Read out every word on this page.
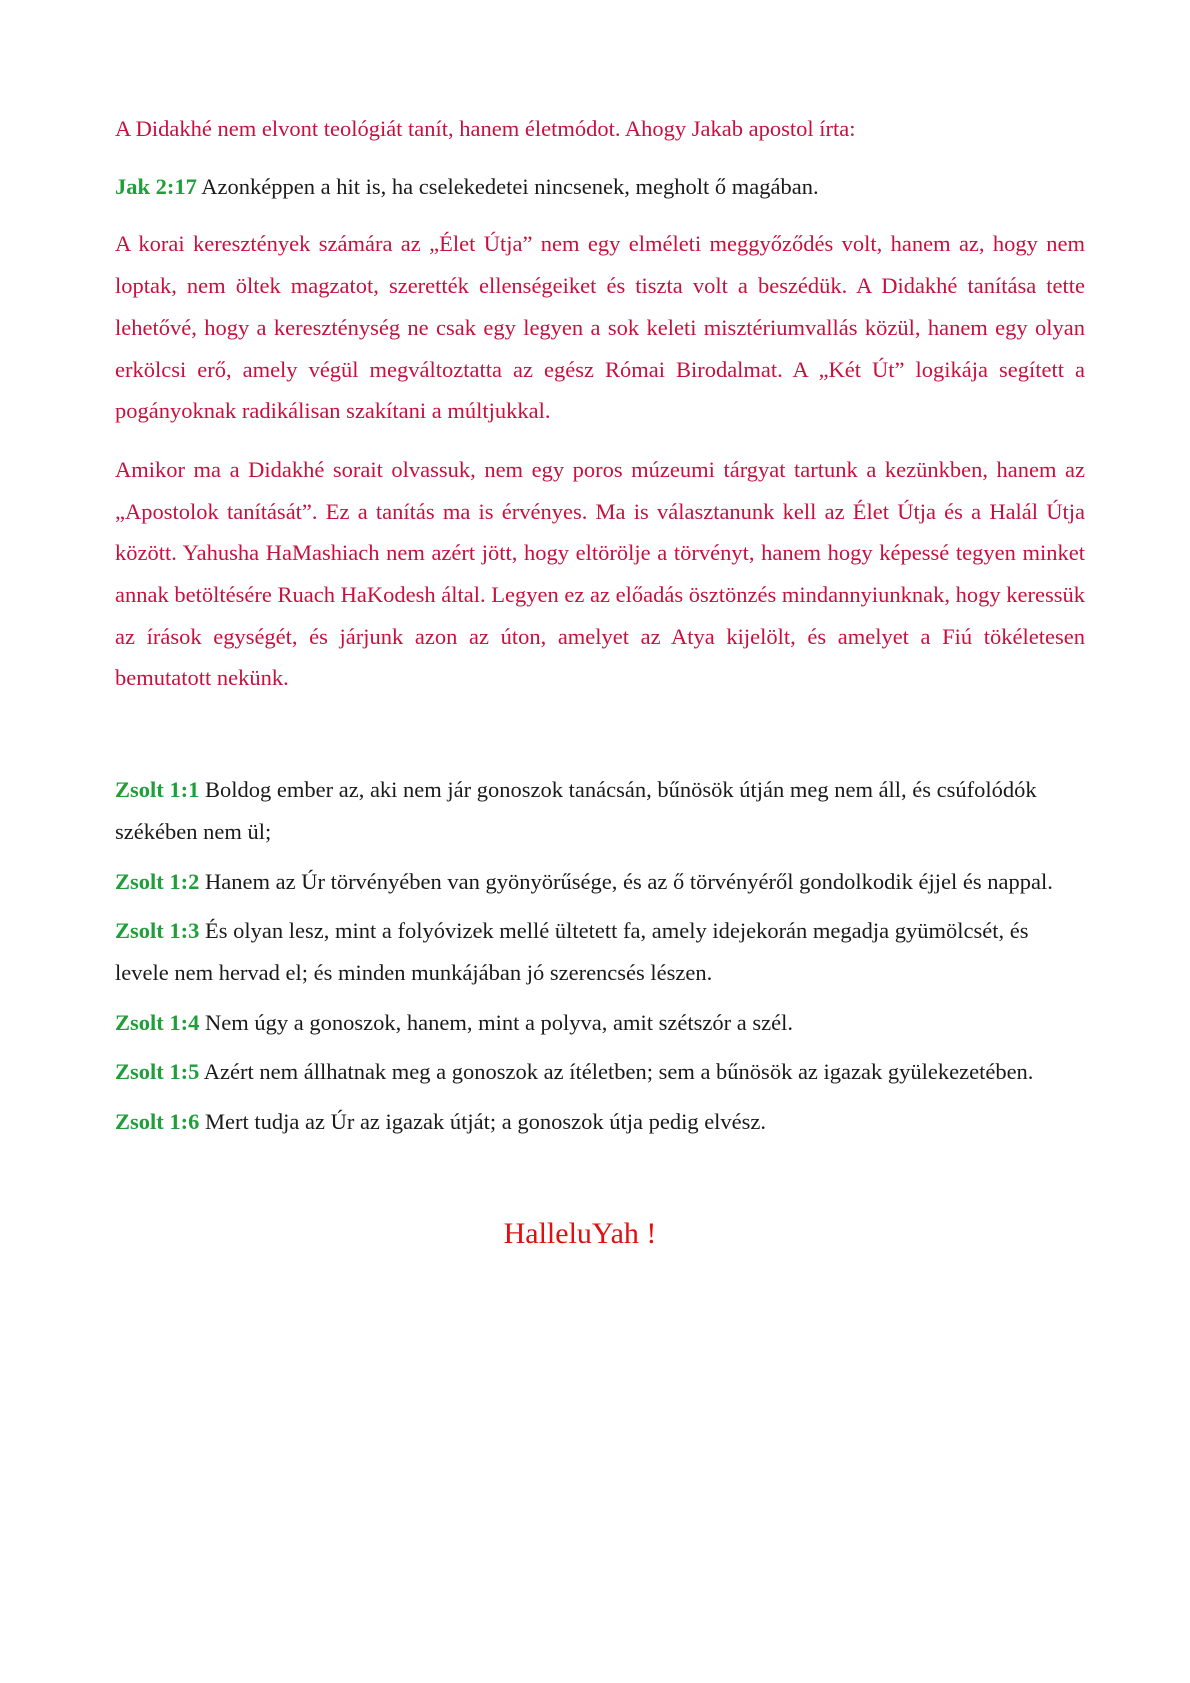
A Didakhé nem elvont teológiát tanít, hanem életmódot. Ahogy Jakab apostol írta:

Jak 2:17 Azonképpen a hit is, ha cselekedetei nincsenek, megholt ő magában.

A korai keresztények számára az „Élet Útja” nem egy elméleti meggyőződés volt, hanem az, hogy nem loptak, nem öltek magzatot, szerették ellenségeiket és tiszta volt a beszédük. A Didakhé tanítása tette lehetővé, hogy a kereszténység ne csak egy legyen a sok keleti misztériumvallás közül, hanem egy olyan erkölcsi erő, amely végül megváltoztatta az egész Római Birodalmat. A „Két Út” logikája segített a pogányoknak radikálisan szakítani a múltjukkal.

Amikor ma a Didakhé sorait olvassuk, nem egy poros múzeumi tárgyat tartunk a kezünkben, hanem az „Apostolok tanítását”. Ez a tanítás ma is érvényes. Ma is választanunk kell az Élet Útja és a Halál Útja között. Yahusha HaMashiach nem azért jött, hogy eltörölje a törvényt, hanem hogy képessé tegyen minket annak betöltésére Ruach HaKodesh által. Legyen ez az előadás ösztönzés mindannyiunknak, hogy keressük az írások egységét, és járjunk azon az úton, amelyet az Atya kijelölt, és amelyet a Fiú tökéletesen bemutatott nekünk.

Zsolt 1:1 Boldog ember az, aki nem jár gonoszok tanácsán, bűnösök útján meg nem áll, és csúfolódók székében nem ül;

Zsolt 1:2 Hanem az Úr törvényében van gyönyörűsége, és az ő törvényéről gondolkodik éjjel és nappal.

Zsolt 1:3 És olyan lesz, mint a folyóvizek mellé ültetett fa, amely idejekorán megadja gyümölcsét, és levele nem hervad el; és minden munkájában jó szerencsés lészen.

Zsolt 1:4 Nem úgy a gonoszok, hanem, mint a polyva, amit szétszór a szél.

Zsolt 1:5 Azért nem állhatnak meg a gonoszok az ítéletben; sem a bűnösök az igazak gyülekezetében.

Zsolt 1:6 Mert tudja az Úr az igazak útját; a gonoszok útja pedig elvész.

HalleluYah !
